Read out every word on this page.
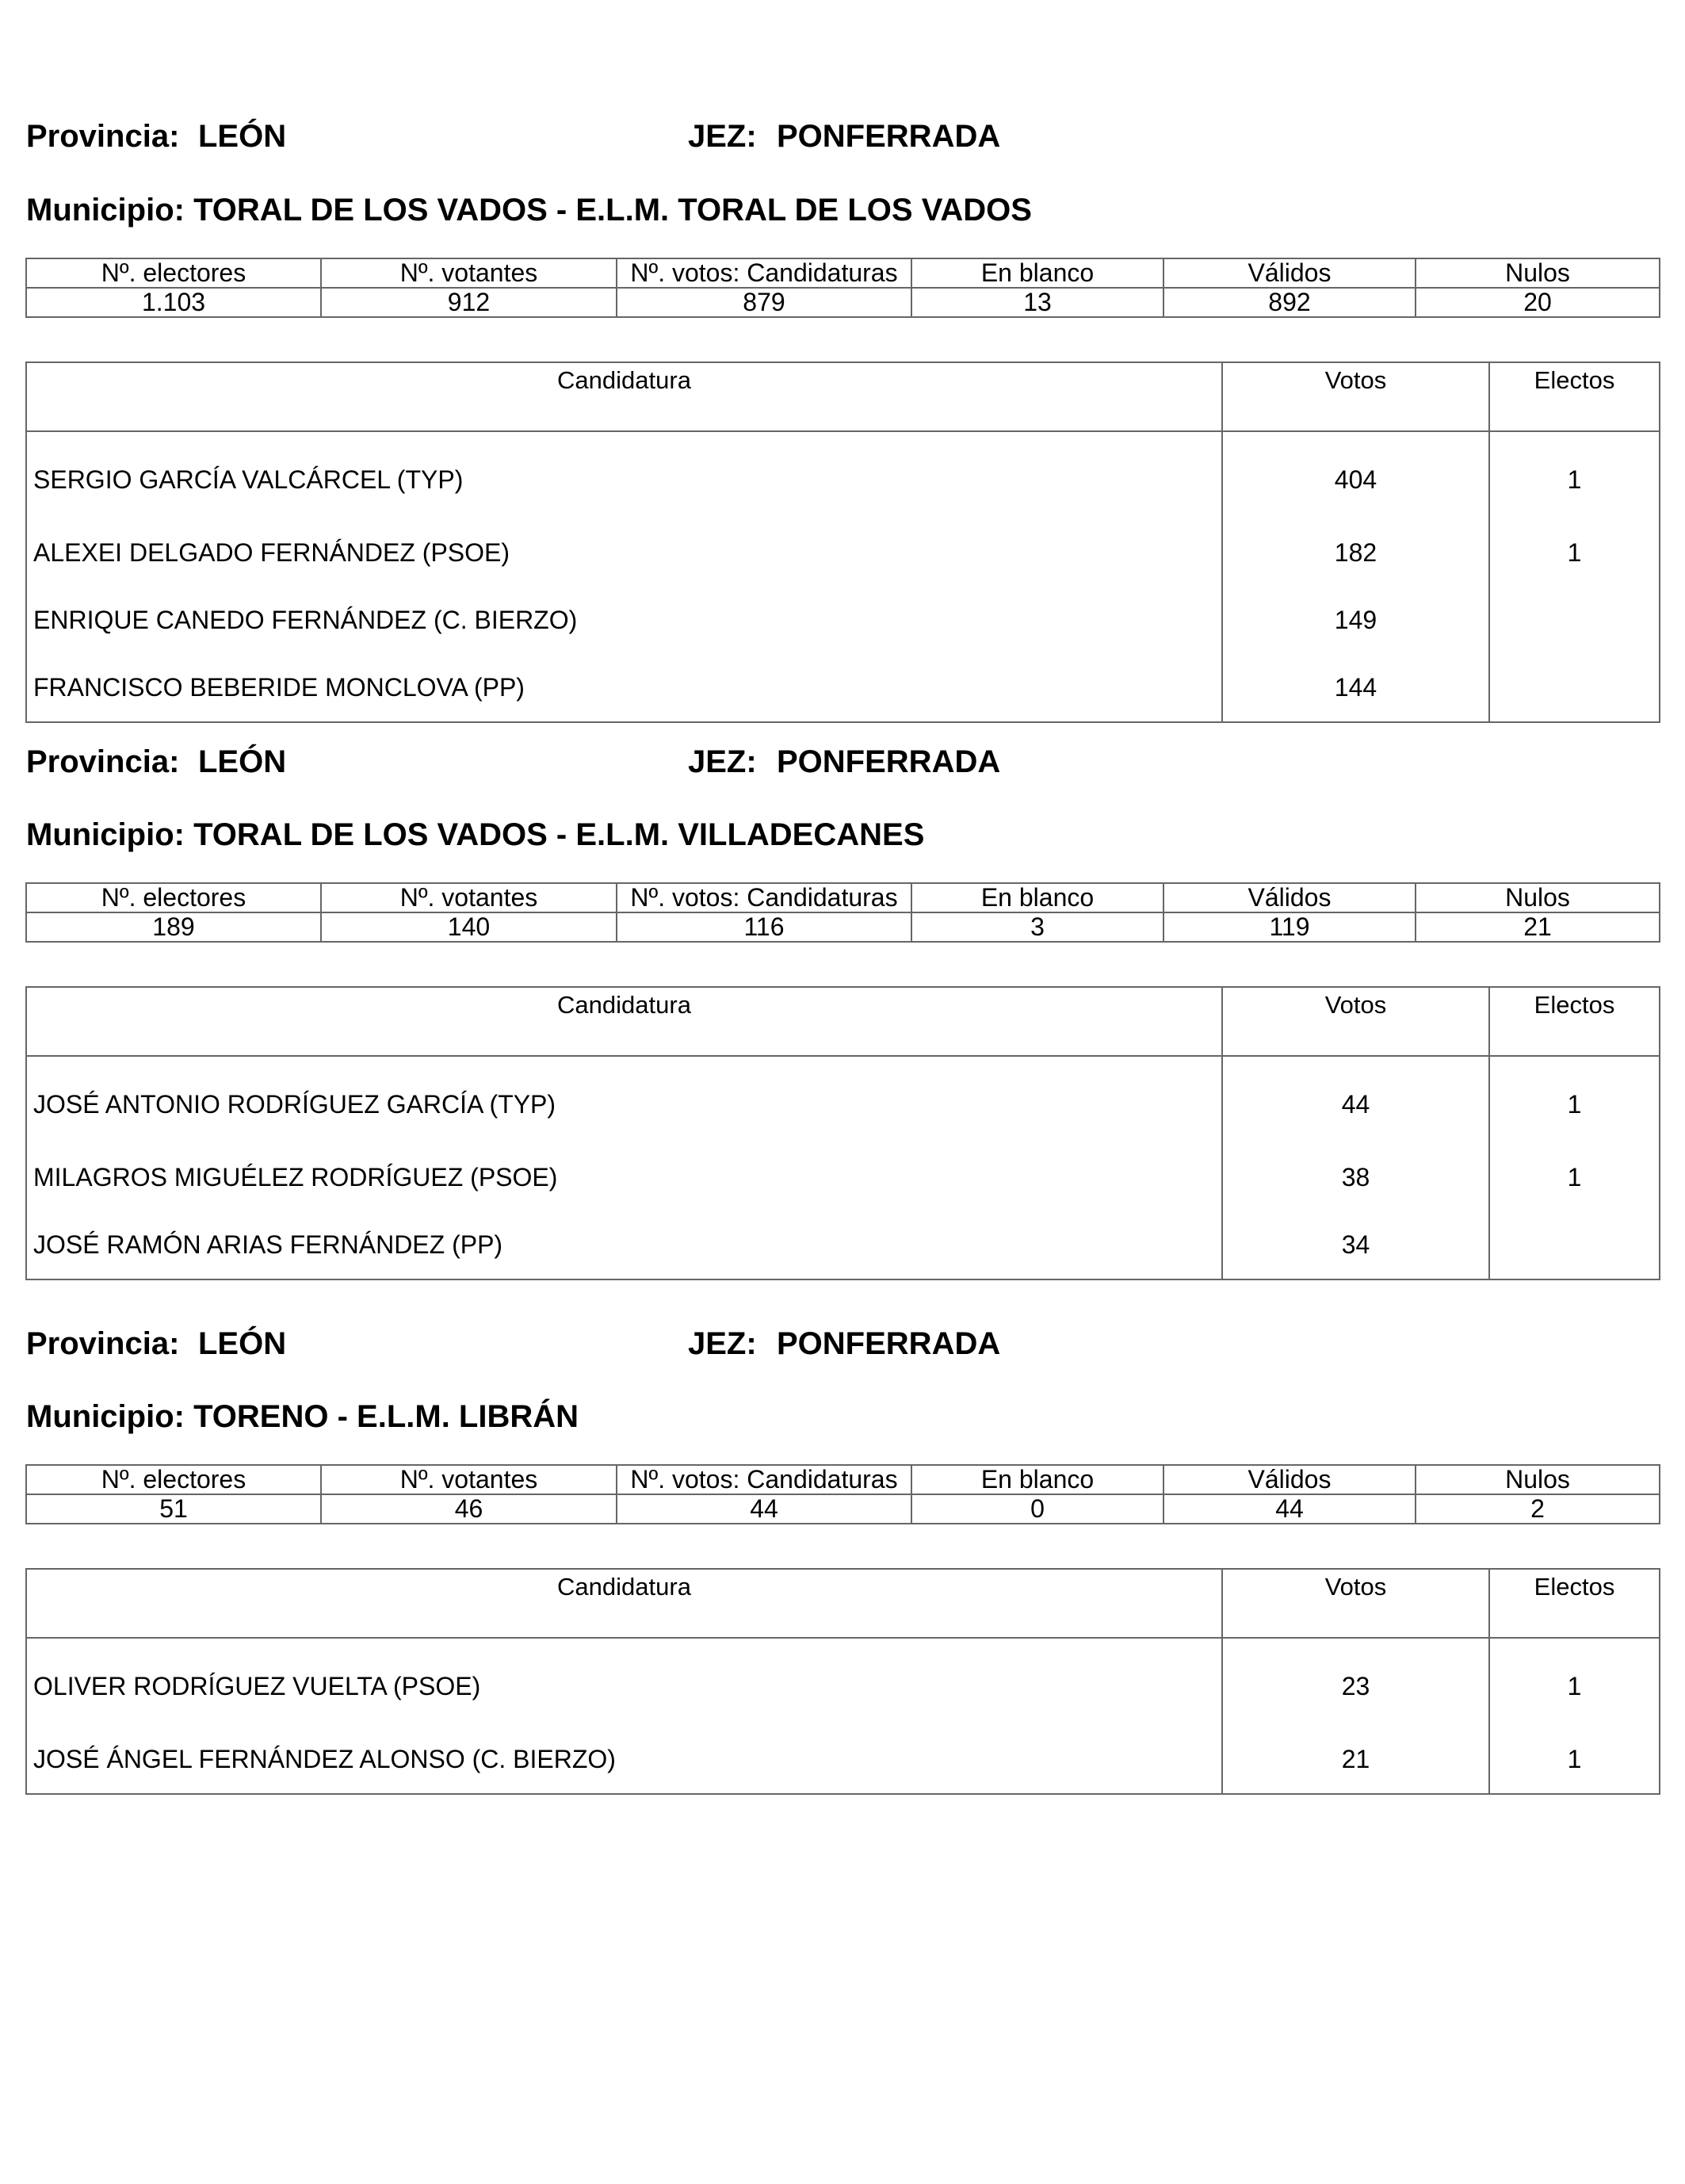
Provincia: LEÓN	JEZ: PONFERRADA
Municipio: TORAL DE LOS VADOS - E.L.M. TORAL DE LOS VADOS
Nº. electores	Nº. votantes	Nº. votos: Candidaturas	En blanco	Válidos	Nulos
1.103	912	879	13	892	20
Candidatura	Votos	Electos
SERGIO GARCÍA VALCÁRCEL (TYP)	404	1
ALEXEI DELGADO FERNÁNDEZ (PSOE)	182	1
ENRIQUE CANEDO FERNÁNDEZ (C. BIERZO)	149	
FRANCISCO BEBERIDE MONCLOVA (PP)	144	
Provincia: LEÓN	JEZ: PONFERRADA
Municipio: TORAL DE LOS VADOS - E.L.M. VILLADECANES
Nº. electores	Nº. votantes	Nº. votos: Candidaturas	En blanco	Válidos	Nulos
189	140	116	3	119	21
Candidatura	Votos	Electos
JOSÉ ANTONIO RODRÍGUEZ GARCÍA (TYP)	44	1
MILAGROS MIGUÉLEZ RODRÍGUEZ (PSOE)	38	1
JOSÉ RAMÓN ARIAS FERNÁNDEZ (PP)	34	
Provincia: LEÓN	JEZ: PONFERRADA
Municipio: TORENO - E.L.M. LIBRÁN
Nº. electores	Nº. votantes	Nº. votos: Candidaturas	En blanco	Válidos	Nulos
51	46	44	0	44	2
Candidatura	Votos	Electos
OLIVER RODRÍGUEZ VUELTA (PSOE)	23	1
JOSÉ ÁNGEL FERNÁNDEZ ALONSO (C. BIERZO)	21	1
